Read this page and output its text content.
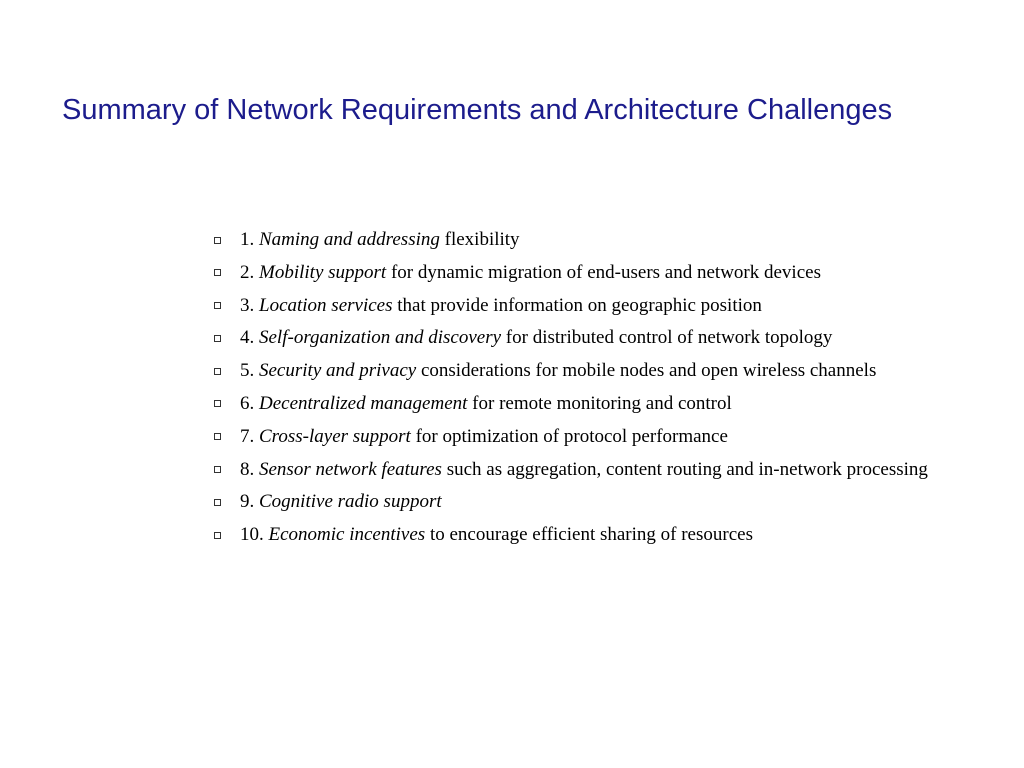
Summary of Network Requirements and Architecture Challenges
1. Naming and addressing flexibility
2. Mobility support for dynamic migration of end-users and network devices
3. Location services that provide information on geographic position
4. Self-organization and discovery for distributed control of network topology
5. Security and privacy considerations for mobile nodes and open wireless channels
6. Decentralized management for remote monitoring and control
7. Cross-layer support for optimization of protocol performance
8. Sensor network features such as aggregation, content routing and in-network processing
9. Cognitive radio support
10. Economic incentives to encourage efficient sharing of resources
